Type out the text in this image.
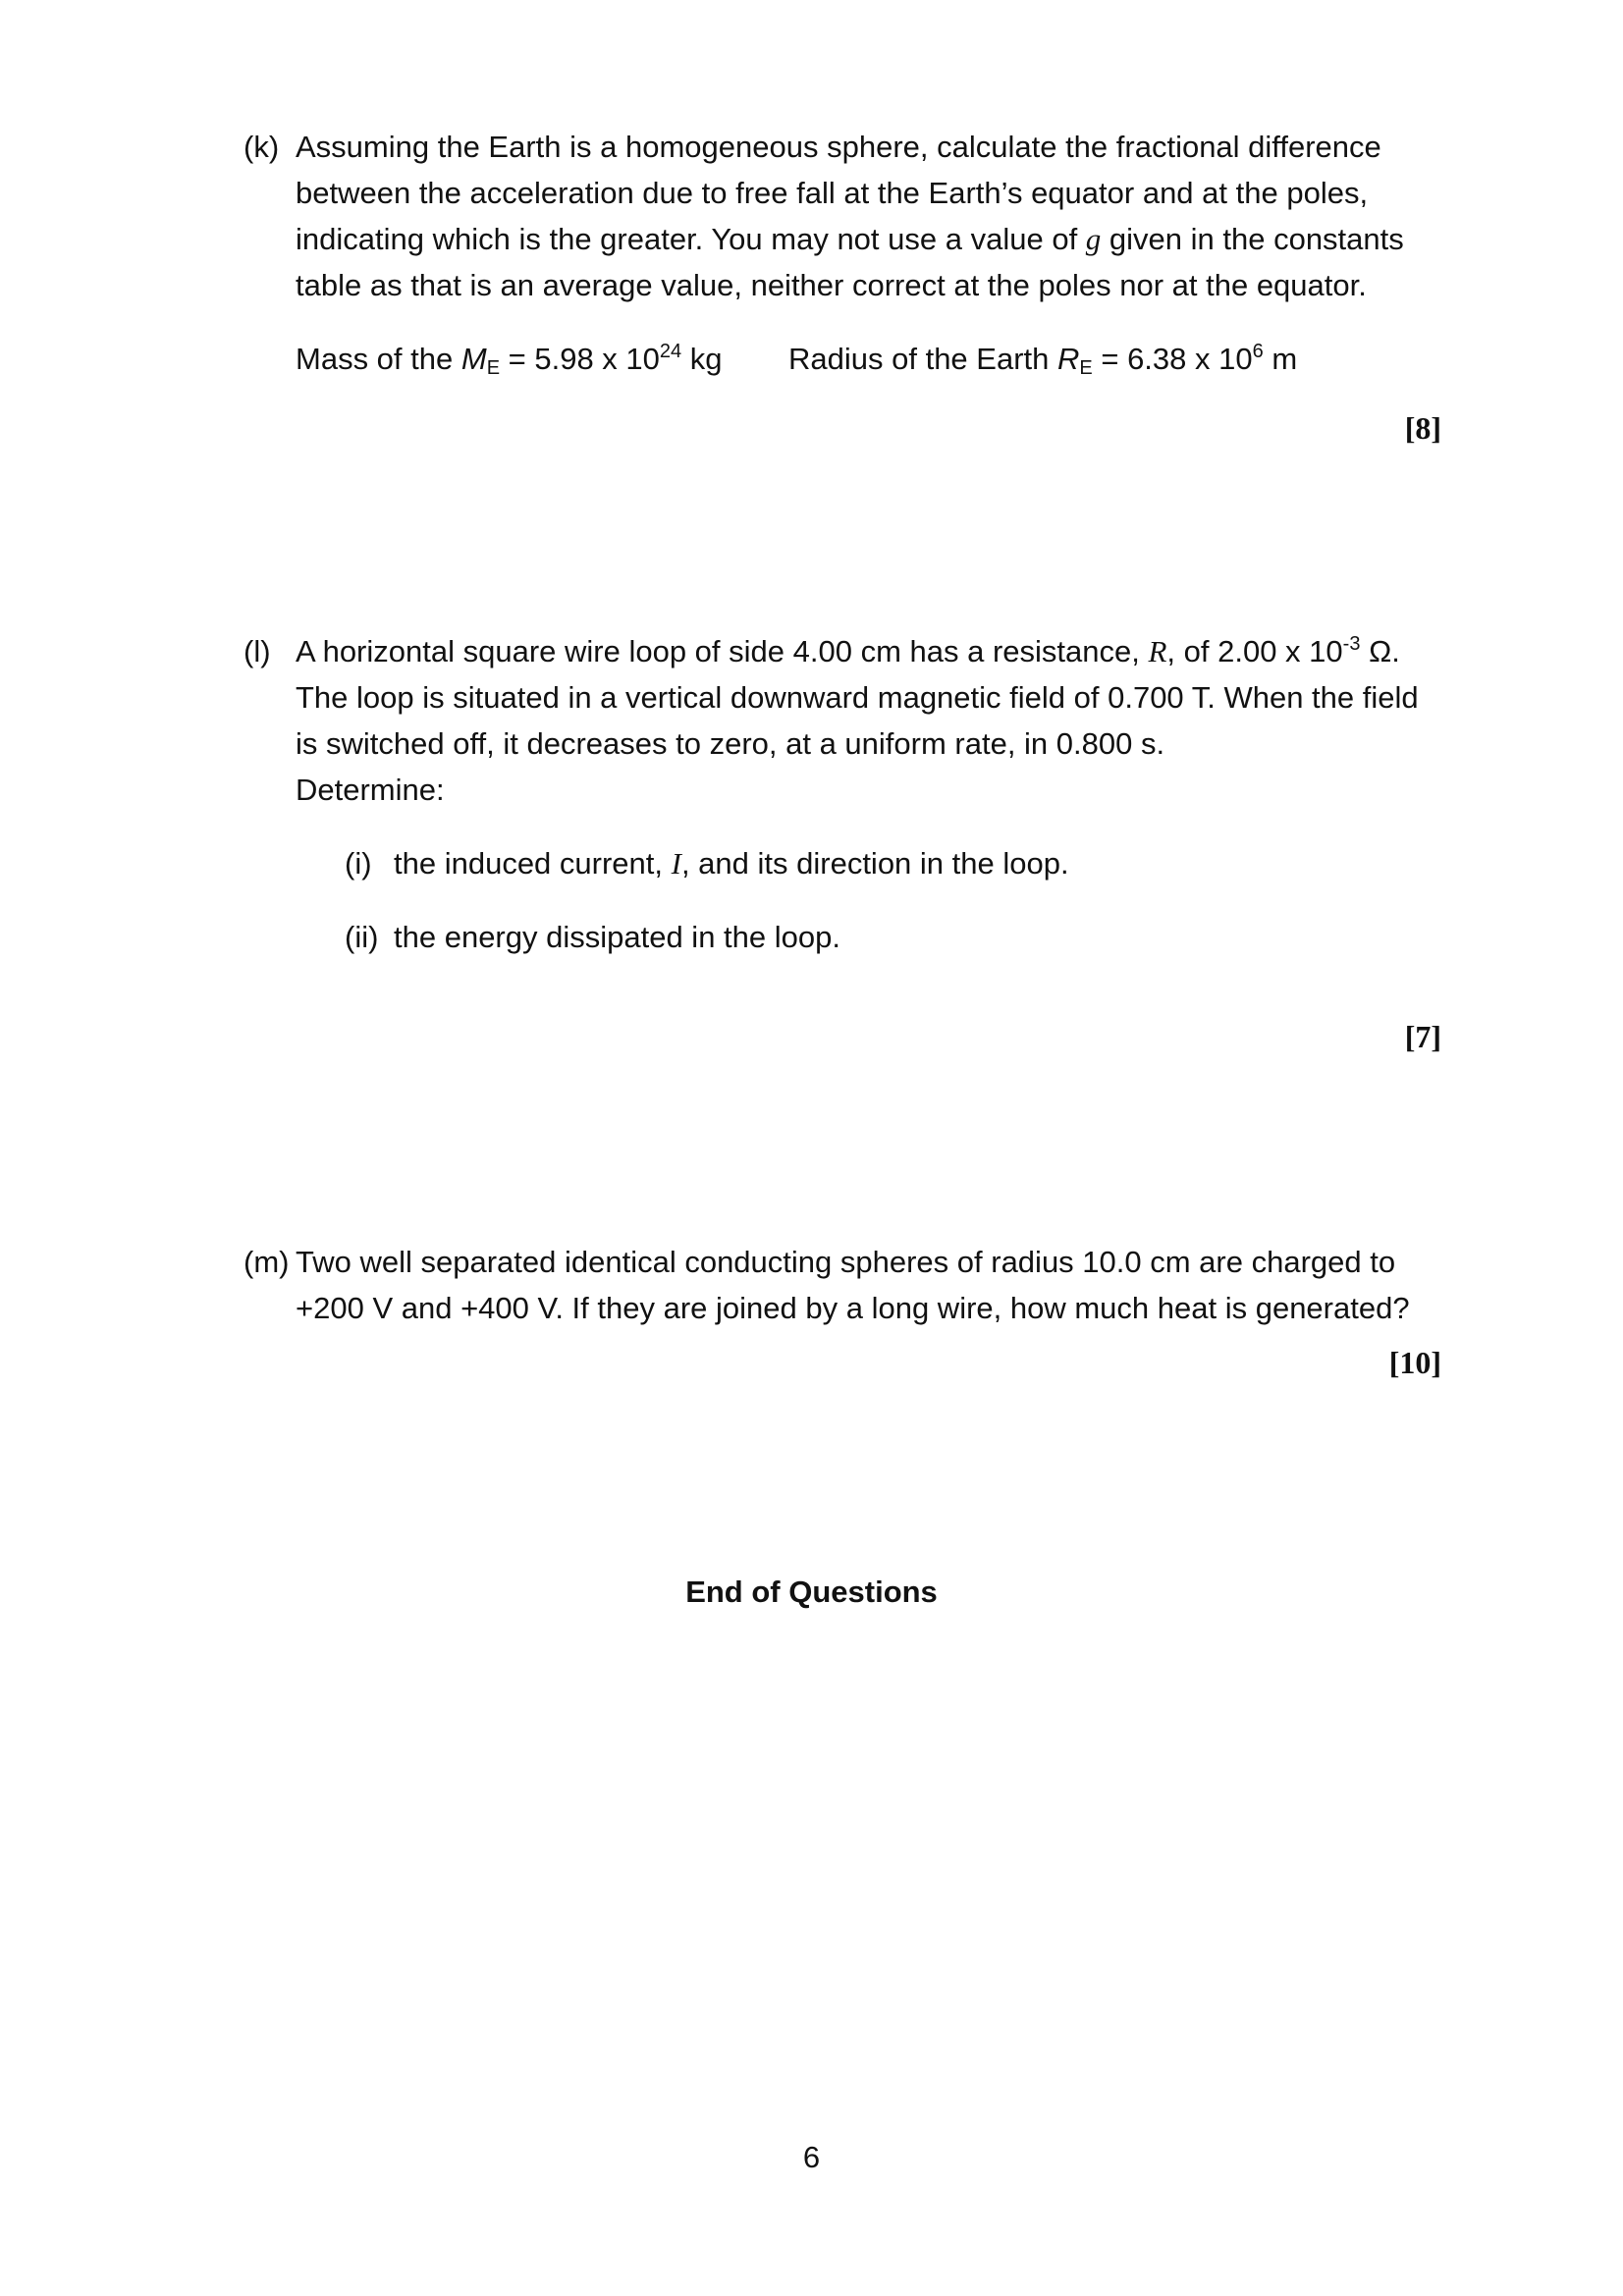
(k) Assuming the Earth is a homogeneous sphere, calculate the fractional difference

between the acceleration due to free fall at the Earth’s equator and at the poles,

indicating which is the greater. You may not use a value of g given in the constants

table as that is an average value, neither correct at the poles nor at the equator.

Mass of the $M_E = 5.98$ x $10^{24}$ kg Radius of the Earth $R_E = 6.38$ x $10^6$ m
[8]
(l) A horizontal square wire loop of side 4.00 cm has a resistance, R, of 2.00 x $10^{-3}$ Ω.

The loop is situated in a vertical downward magnetic field of 0.700 T. When the field

is switched off, it decreases to zero, at a uniform rate, in 0.800 s.

Determine:

(i) the induced current, I, and its direction in the loop.
(ii) the energy dissipated in the loop.
[7]
(m) Two well separated identical conducting spheres of radius 10.0 cm are charged to

+200 V and +400 V. If they are joined by a long wire, how much heat is generated?

[10]
End of Questions
6
